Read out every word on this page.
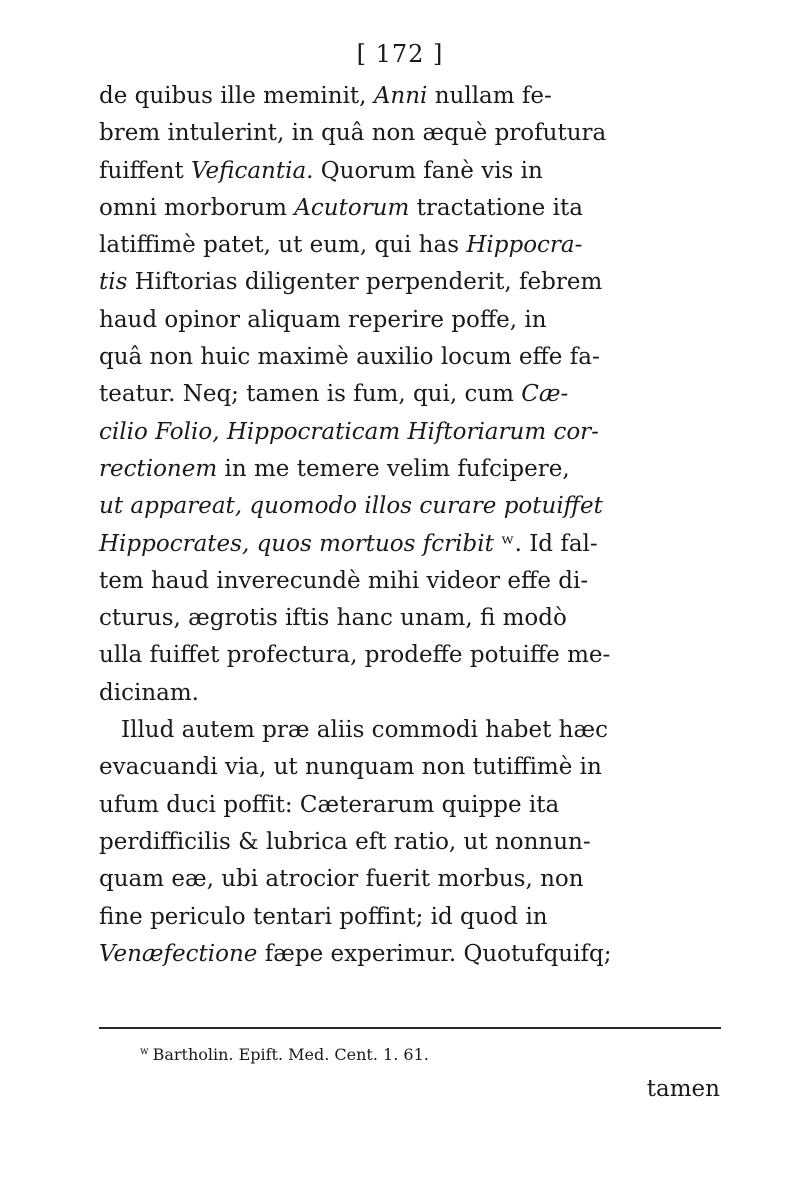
[ 172 ]
de quibus ille meminit, Anni nullam fe-
brem intulerint, in quâ non æquè profutura
fuiffent Veficantia. Quorum fanè vis in
omni morborum Acutorum tractatione ita
latiffimè patet, ut eum, qui has Hippocra-
tis Hiftorias diligenter perpenderit, febrem
haud opinor aliquam reperire poffe, in
quâ non huic maximè auxilio locum effe fa-
teatur. Neq; tamen is fum, qui, cum Cæ-
cilio Folio, Hippocraticam Hiftoriarum cor-
rectionem in me temere velim fufcipere,
ut appareat, quomodo illos curare potuiffet
Hippocrates, quos mortuos fcribit ʷ. Id fal-
tem haud inverecundè mihi videor effe di-
cturus, ægrotis iftis hanc unam, fi modò
ulla fuiffet profectura, prodeffe potuiffe me-
dicinam.
Illud autem præ aliis commodi habet hæc
evacuandi via, ut nunquam non tutiffimè in
ufum duci poffit: Cæterarum quippe ita
perdifficilis & lubrica eft ratio, ut nonnun-
quam eæ, ubi atrocior fuerit morbus, non
fine periculo tentari poffint; id quod in
Venæfectione fæpe experimur. Quotufquifq;
$^w$ Bartholin. Epift. Med. Cent. 1. 61.
tamen
